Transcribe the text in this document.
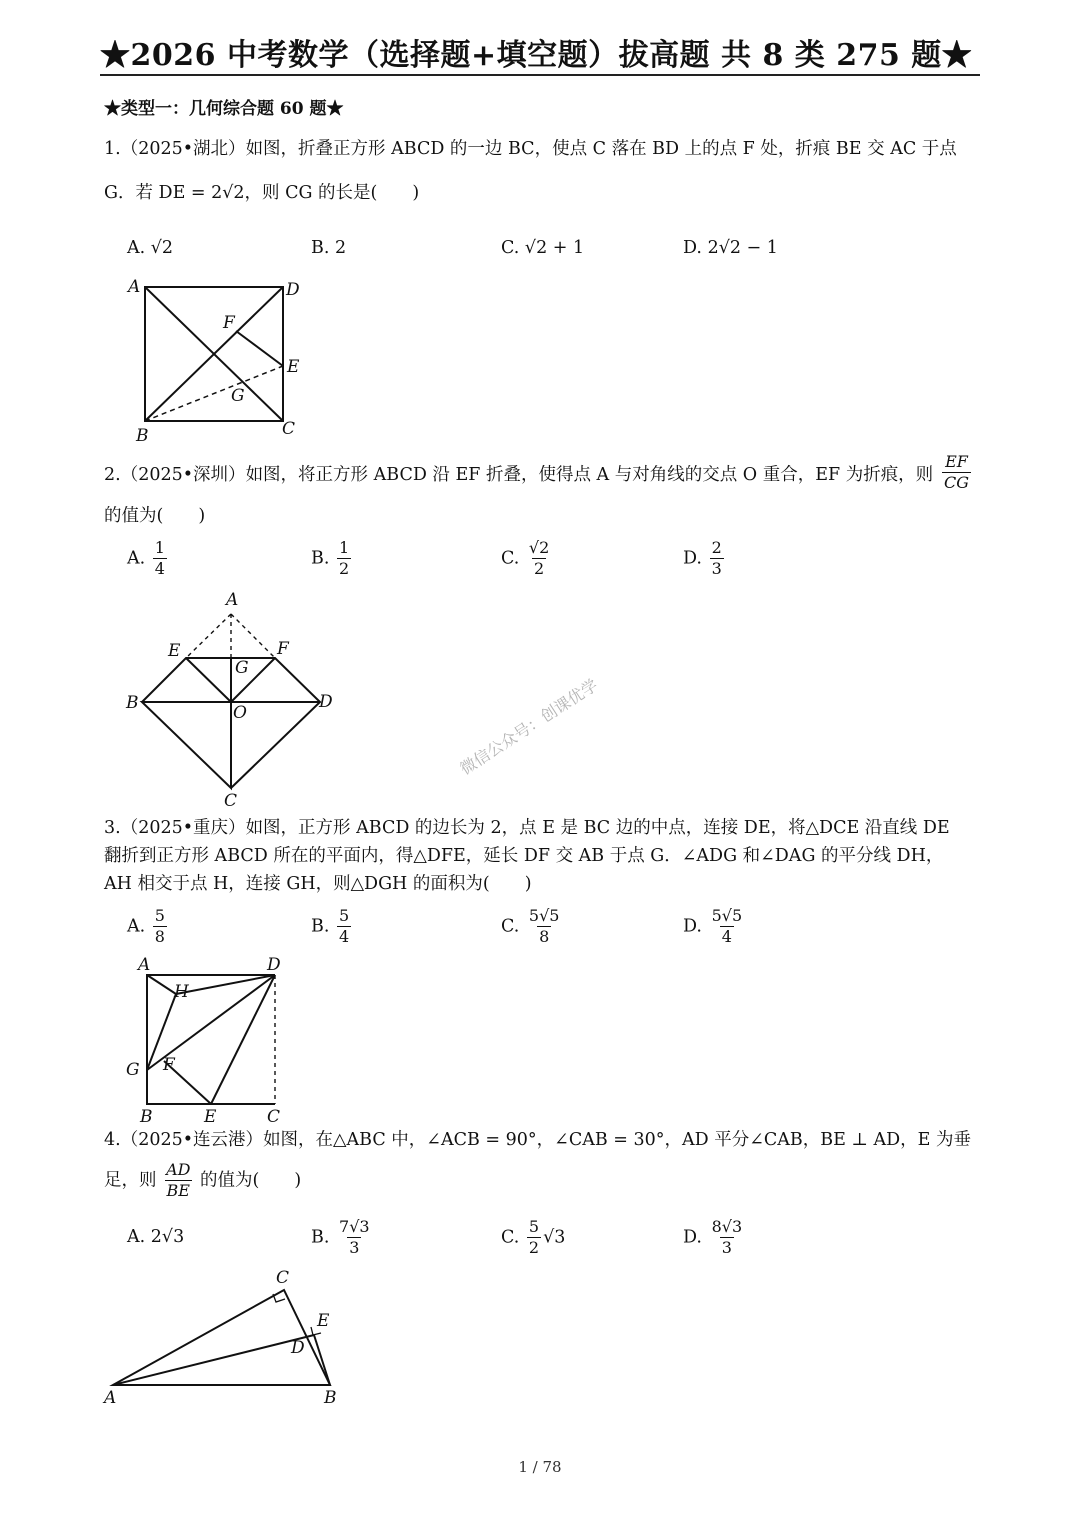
★2026 中考数学（选择题+填空题）拔高题 共 8 类 275 题★
★类型一：几何综合题 60 题★
1.（2025•湖北）如图，折叠正方形 ABCD 的一边 BC，使点 C 落在 BD 上的点 F 处，折痕 BE 交 AC 于点
G．若 DE = 2√2，则 CG 的长是(　　)
A. √2	B. 2	C. √2 + 1	D. 2√2 − 1
A	D
F
E
G
B	C
2.（2025•深圳）如图，将正方形 ABCD 沿 EF 折叠，使得点 A 与对角线的交点 O 重合，EF 为折痕，则 $\frac{EF}{CG}$
的值为(　　)
A. $\frac{1}{4}$	B. $\frac{1}{2}$	C. $\frac{√2}{2}$	D. $\frac{2}{3}$
A
E	F
G
B	O
D
C
微信公众号：创课优学
3.（2025•重庆）如图，正方形 ABCD 的边长为 2，点 E 是 BC 边的中点，连接 DE，将△DCE 沿直线 DE
翻折到正方形 ABCD 所在的平面内，得△DFE，延长 DF 交 AB 于点 G．∠ADG 和∠DAG 的平分线 DH，
AH 相交于点 H，连接 GH，则△DGH 的面积为(　　)
A. $\frac{5}{8}$	B. $\frac{5}{4}$	C. $\frac{5√5}{8}$	D. $\frac{5√5}{4}$
A	D
H
G F
B	E	C
4.（2025•连云港）如图，在△ABC 中，∠ACB = 90°，∠CAB = 30°，AD 平分∠CAB，BE ⊥ AD，E 为垂
足，则 $\frac{AD}{BE}$ 的值为(　　)
A. 2√3	B. $\frac{7√3}{3}$	C. $\frac{5}{2} √3$	D. $\frac{8√3}{3}$
C
E
D
A	B
1 / 78
